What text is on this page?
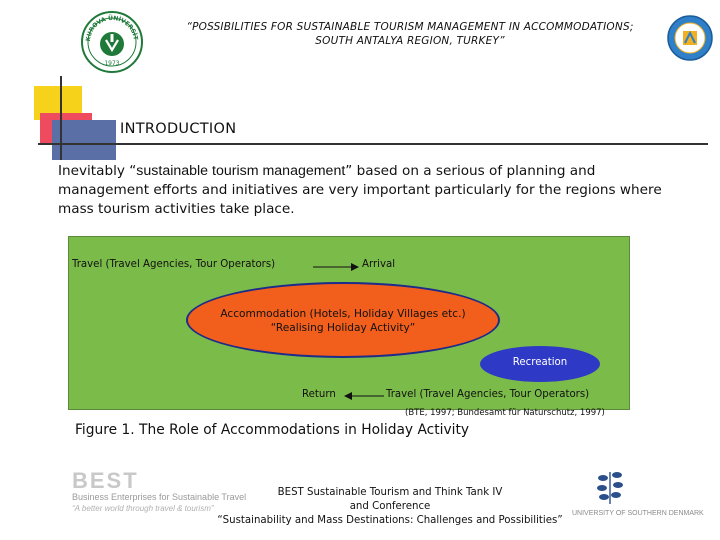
KUROVA ÜNİVERSİT
1973
“POSSIBILITIES FOR SUSTAINABLE TOURISM MANAGEMENT IN ACCOMMODATIONS;
SOUTH ANTALYA REGION, TURKEY”
INTRODUCTION
Inevitably “sustainable tourism management” based on a serious of planning and management efforts and initiatives are very important particularly for the regions where mass tourism activities take place.
Travel (Travel Agencies, Tour Operators)	Arrival
Accommodation (Hotels, Holiday Villages etc.)
“Realising Holiday Activity”
Recreation
Return	Travel (Travel Agencies, Tour Operators)
(BTE, 1997; Bundesamt für Naturschutz, 1997)
Figure 1. The Role of Accommodations in Holiday Activity
BEST
Business Enterprises for Sustainable Travel
“A better world through travel & tourism”
BEST Sustainable Tourism and Think Tank IV
and Conference
“Sustainability and Mass Destinations: Challenges and Possibilities”
UNIVERSITY OF SOUTHERN DENMARK
